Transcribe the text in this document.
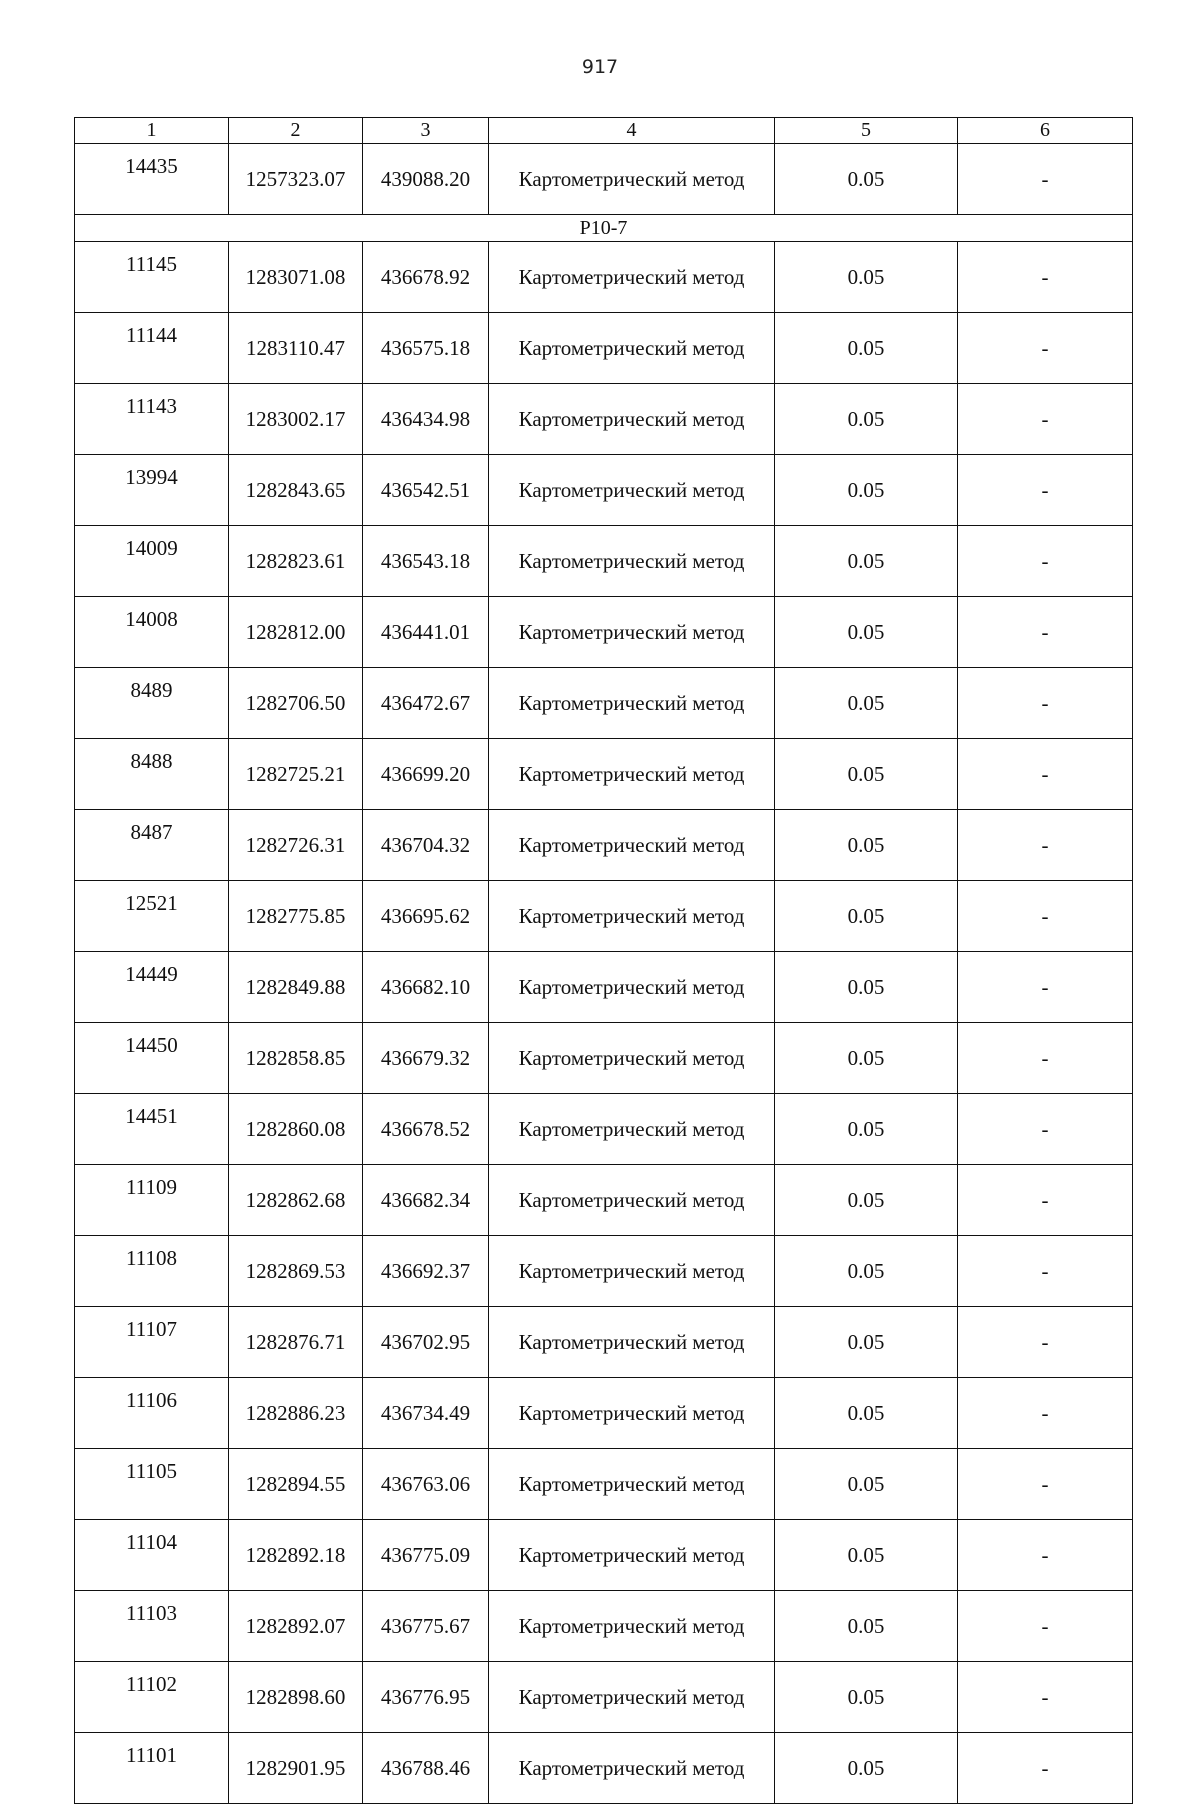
917
1	2	3	4	5	6
14435	1257323.07	439088.20	Картометрический метод	0.05	-
P10-7					
11145	1283071.08	436678.92	Картометрический метод	0.05	-
11144	1283110.47	436575.18	Картометрический метод	0.05	-
11143	1283002.17	436434.98	Картометрический метод	0.05	-
13994	1282843.65	436542.51	Картометрический метод	0.05	-
14009	1282823.61	436543.18	Картометрический метод	0.05	-
14008	1282812.00	436441.01	Картометрический метод	0.05	-
8489	1282706.50	436472.67	Картометрический метод	0.05	-
8488	1282725.21	436699.20	Картометрический метод	0.05	-
8487	1282726.31	436704.32	Картометрический метод	0.05	-
12521	1282775.85	436695.62	Картометрический метод	0.05	-
14449	1282849.88	436682.10	Картометрический метод	0.05	-
14450	1282858.85	436679.32	Картометрический метод	0.05	-
14451	1282860.08	436678.52	Картометрический метод	0.05	-
11109	1282862.68	436682.34	Картометрический метод	0.05	-
11108	1282869.53	436692.37	Картометрический метод	0.05	-
11107	1282876.71	436702.95	Картометрический метод	0.05	-
11106	1282886.23	436734.49	Картометрический метод	0.05	-
11105	1282894.55	436763.06	Картометрический метод	0.05	-
11104	1282892.18	436775.09	Картометрический метод	0.05	-
11103	1282892.07	436775.67	Картометрический метод	0.05	-
11102	1282898.60	436776.95	Картометрический метод	0.05	-
11101	1282901.95	436788.46	Картометрический метод	0.05	-
